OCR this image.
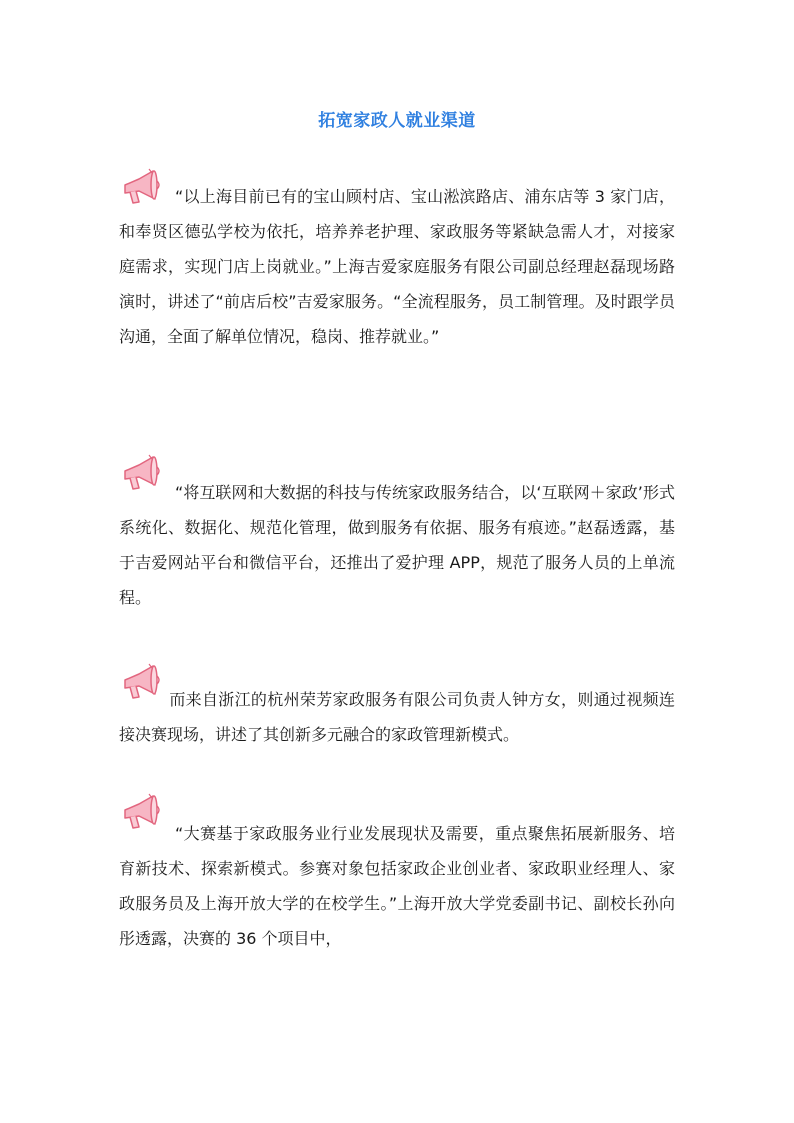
拓宽家政人就业渠道

“以上海目前已有的宝山顾村店、宝山淞滨路店、浦东店等 3 家门店，和奉贤区德弘学校为依托，培养养老护理、家政服务等紧缺急需人才，对接家庭需求，实现门店上岗就业。”上海吉爱家庭服务有限公司副总经理赵磊现场路演时，讲述了“前店后校”吉爱家服务。“全流程服务，员工制管理。及时跟学员沟通，全面了解单位情况，稳岗、推荐就业。”

“将互联网和大数据的科技与传统家政服务结合，以‘互联网＋家政’形式系统化、数据化、规范化管理，做到服务有依据、服务有痕迹。”赵磊透露，基于吉爱网站平台和微信平台，还推出了爱护理 APP，规范了服务人员的上单流程。

而来自浙江的杭州荣芳家政服务有限公司负责人钟方女，则通过视频连接决赛现场，讲述了其创新多元融合的家政管理新模式。

“大赛基于家政服务业行业发展现状及需要，重点聚焦拓展新服务、培育新技术、探索新模式。参赛对象包括家政企业创业者、家政职业经理人、家政服务员及上海开放大学的在校学生。”上海开放大学党委副书记、副校长孙向彤透露，决赛的 36 个项目中，
